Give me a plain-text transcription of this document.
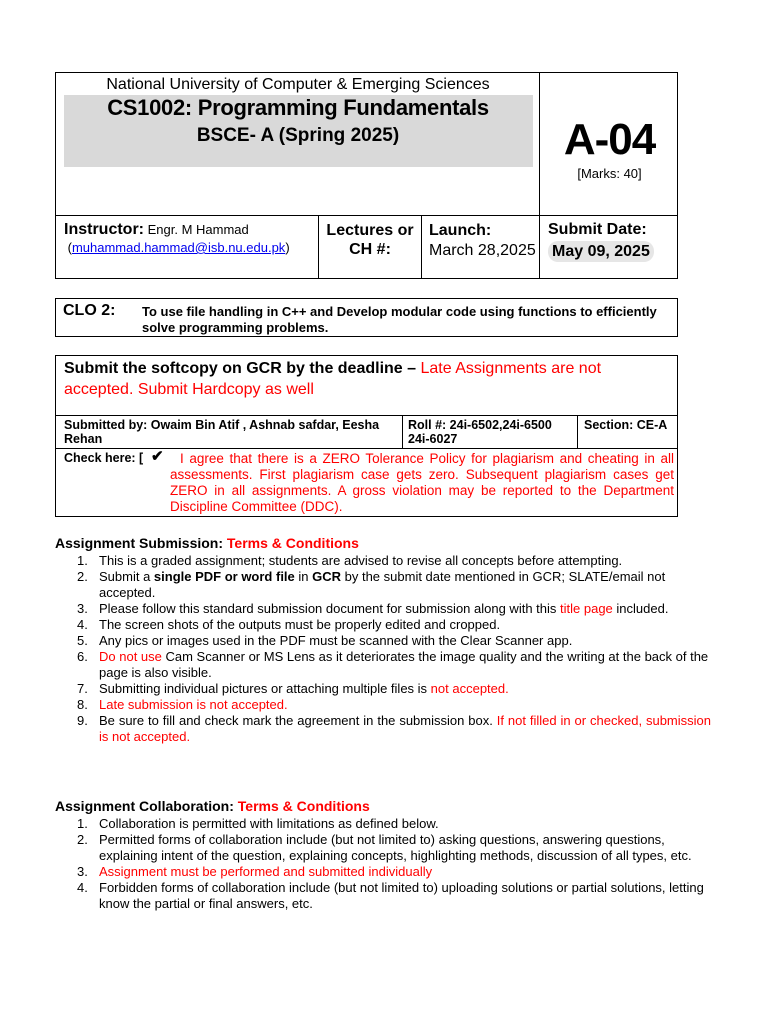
National University of Computer & Emerging Sciences
CS1002: Programming Fundamentals
BSCE- A (Spring 2025)	A-04
[Marks: 40]
Instructor: Engr. M Hammad
(muhammad.hammad@isb.nu.edu.pk)
Lectures or
CH #:
Launch:
March 28,2025
Submit Date:
May 09, 2025
CLO 2: To use file handling in C++ and Develop modular code using functions to efficiently solve programming problems.
Submit the softcopy on GCR by the deadline – Late Assignments are not accepted. Submit Hardcopy as well
Submitted by: Owaim Bin Atif , Ashnab safdar, Eesha Rehan
Roll #: 24i-6502,24i-6500
24i-6027
Section: CE-A
Check here: [ ✔	I agree that there is a ZERO Tolerance Policy for plagiarism and cheating in all assessments. First plagiarism case gets zero. Subsequent plagiarism cases get ZERO in all assignments. A gross violation may be reported to the Department Discipline Committee (DDC).
Assignment Submission: Terms & Conditions
1. This is a graded assignment; students are advised to revise all concepts before attempting.
2. Submit a single PDF or word file in GCR by the submit date mentioned in GCR; SLATE/email not accepted.
3. Please follow this standard submission document for submission along with this title page included.
4. The screen shots of the outputs must be properly edited and cropped.
5. Any pics or images used in the PDF must be scanned with the Clear Scanner app.
6. Do not use Cam Scanner or MS Lens as it deteriorates the image quality and the writing at the back of the page is also visible.
7. Submitting individual pictures or attaching multiple files is not accepted.
8. Late submission is not accepted.
9. Be sure to fill and check mark the agreement in the submission box. If not filled in or checked, submission is not accepted.
Assignment Collaboration: Terms & Conditions
1. Collaboration is permitted with limitations as defined below.
2. Permitted forms of collaboration include (but not limited to) asking questions, answering questions, explaining intent of the question, explaining concepts, highlighting methods, discussion of all types, etc.
3. Assignment must be performed and submitted individually
4. Forbidden forms of collaboration include (but not limited to) uploading solutions or partial solutions, letting know the partial or final answers, etc.
